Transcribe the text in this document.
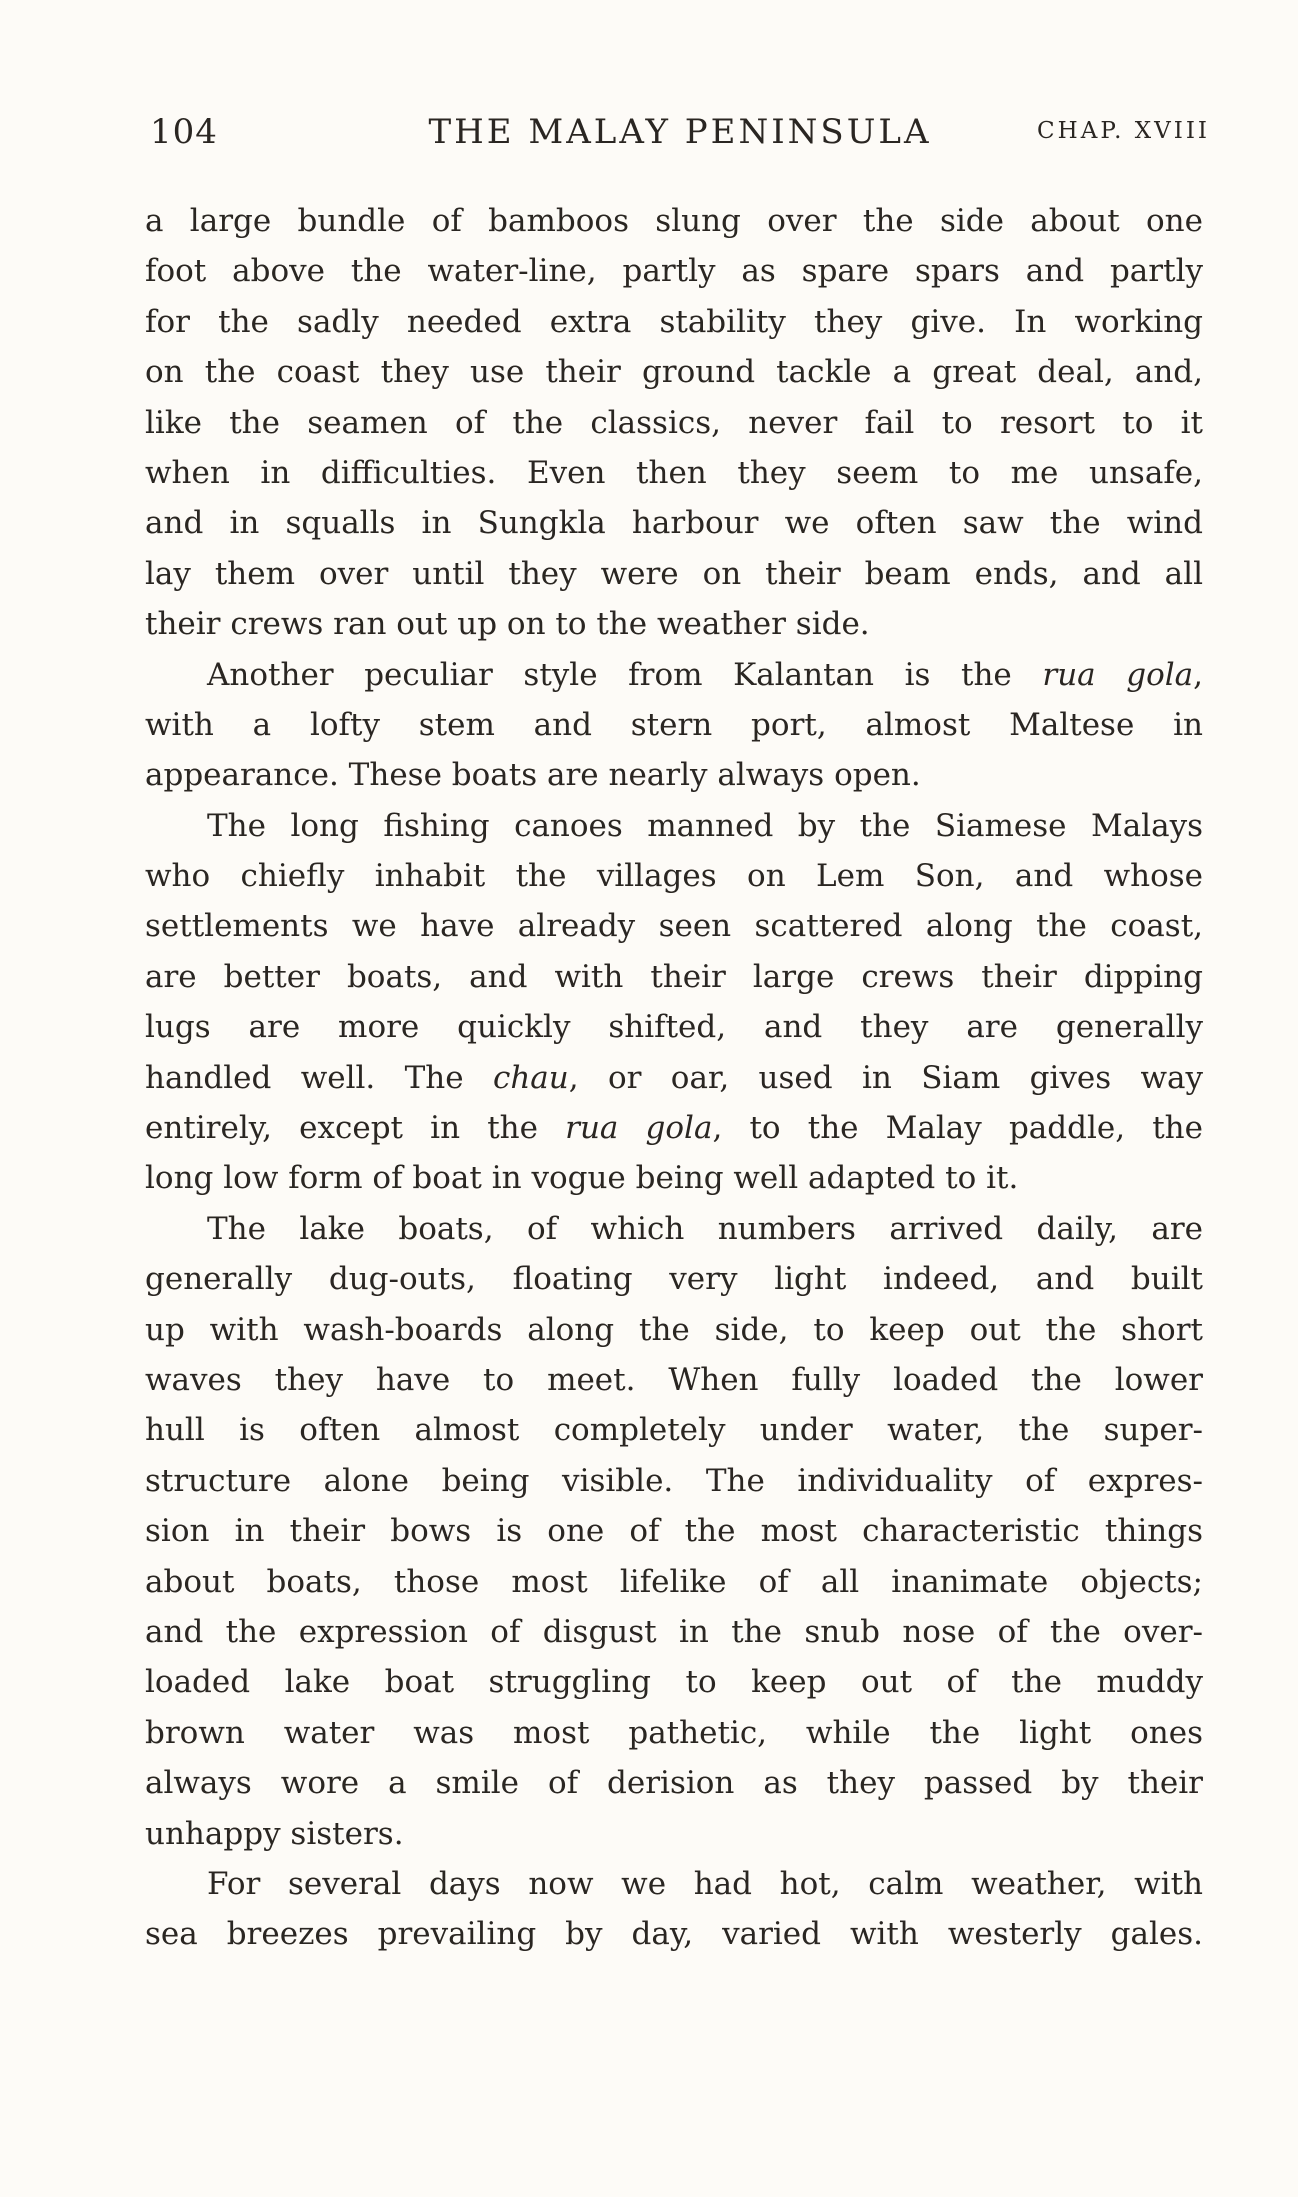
104	THE MALAY PENINSULA	CHAP. XVIII
a large bundle of bamboos slung over the side about one
foot above the water-line, partly as spare spars and partly
for the sadly needed extra stability they give. In working
on the coast they use their ground tackle a great deal, and,
like the seamen of the classics, never fail to resort to it
when in difficulties. Even then they seem to me unsafe,
and in squalls in Sungkla harbour we often saw the wind
lay them over until they were on their beam ends, and all
their crews ran out up on to the weather side.
Another peculiar style from Kalantan is the rua gola,
with a lofty stem and stern port, almost Maltese in
appearance. These boats are nearly always open.
The long fishing canoes manned by the Siamese Malays
who chiefly inhabit the villages on Lem Son, and whose
settlements we have already seen scattered along the coast,
are better boats, and with their large crews their dipping
lugs are more quickly shifted, and they are generally
handled well. The chau, or oar, used in Siam gives way
entirely, except in the rua gola, to the Malay paddle, the
long low form of boat in vogue being well adapted to it.
The lake boats, of which numbers arrived daily, are
generally dug-outs, floating very light indeed, and built
up with wash-boards along the side, to keep out the short
waves they have to meet. When fully loaded the lower
hull is often almost completely under water, the super-
structure alone being visible. The individuality of expres-
sion in their bows is one of the most characteristic things
about boats, those most lifelike of all inanimate objects;
and the expression of disgust in the snub nose of the over-
loaded lake boat struggling to keep out of the muddy
brown water was most pathetic, while the light ones
always wore a smile of derision as they passed by their
unhappy sisters.
For several days now we had hot, calm weather, with
sea breezes prevailing by day, varied with westerly gales.
